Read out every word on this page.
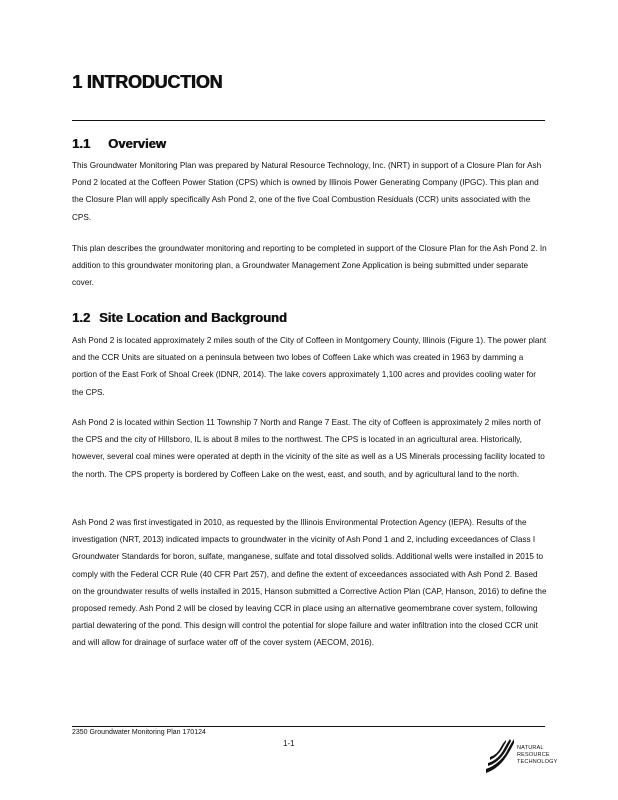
1 INTRODUCTION
1.1 Overview

This Groundwater Monitoring Plan was prepared by Natural Resource Technology, Inc. (NRT) in support of a Closure Plan for Ash Pond 2 located at the Coffeen Power Station (CPS) which is owned by Illinois Power Generating Company (IPGC). This plan and the Closure Plan will apply specifically Ash Pond 2, one of the five Coal Combustion Residuals (CCR) units associated with the CPS.

This plan describes the groundwater monitoring and reporting to be completed in support of the Closure Plan for the Ash Pond 2. In addition to this groundwater monitoring plan, a Groundwater Management Zone Application is being submitted under separate cover.

1.2 Site Location and Background

Ash Pond 2 is located approximately 2 miles south of the City of Coffeen in Montgomery County, Illinois (Figure 1). The power plant and the CCR Units are situated on a peninsula between two lobes of Coffeen Lake which was created in 1963 by damming a portion of the East Fork of Shoal Creek (IDNR, 2014). The lake covers approximately 1,100 acres and provides cooling water for the CPS.

Ash Pond 2 is located within Section 11 Township 7 North and Range 7 East. The city of Coffeen is approximately 2 miles north of the CPS and the city of Hillsboro, IL is about 8 miles to the northwest. The CPS is located in an agricultural area. Historically, however, several coal mines were operated at depth in the vicinity of the site as well as a US Minerals processing facility located to the north. The CPS property is bordered by Coffeen Lake on the west, east, and south, and by agricultural land to the north.

Ash Pond 2 was first investigated in 2010, as requested by the Illinois Environmental Protection Agency (IEPA). Results of the investigation (NRT, 2013) indicated impacts to groundwater in the vicinity of Ash Pond 1 and 2, including exceedances of Class I Groundwater Standards for boron, sulfate, manganese, sulfate and total dissolved solids. Additional wells were installed in 2015 to comply with the Federal CCR Rule (40 CFR Part 257), and define the extent of exceedances associated with Ash Pond 2. Based on the groundwater results of wells installed in 2015, Hanson submitted a Corrective Action Plan (CAP, Hanson, 2016) to define the proposed remedy. Ash Pond 2 will be closed by leaving CCR in place using an alternative geomembrane cover system, following partial dewatering of the pond. This design will control the potential for slope failure and water infiltration into the closed CCR unit and will allow for drainage of surface water off of the cover system (AECOM, 2016).

2350 Groundwater Monitoring Plan 170124
1-1	NATURAL
RESOURCE
TECHNOLOGY
